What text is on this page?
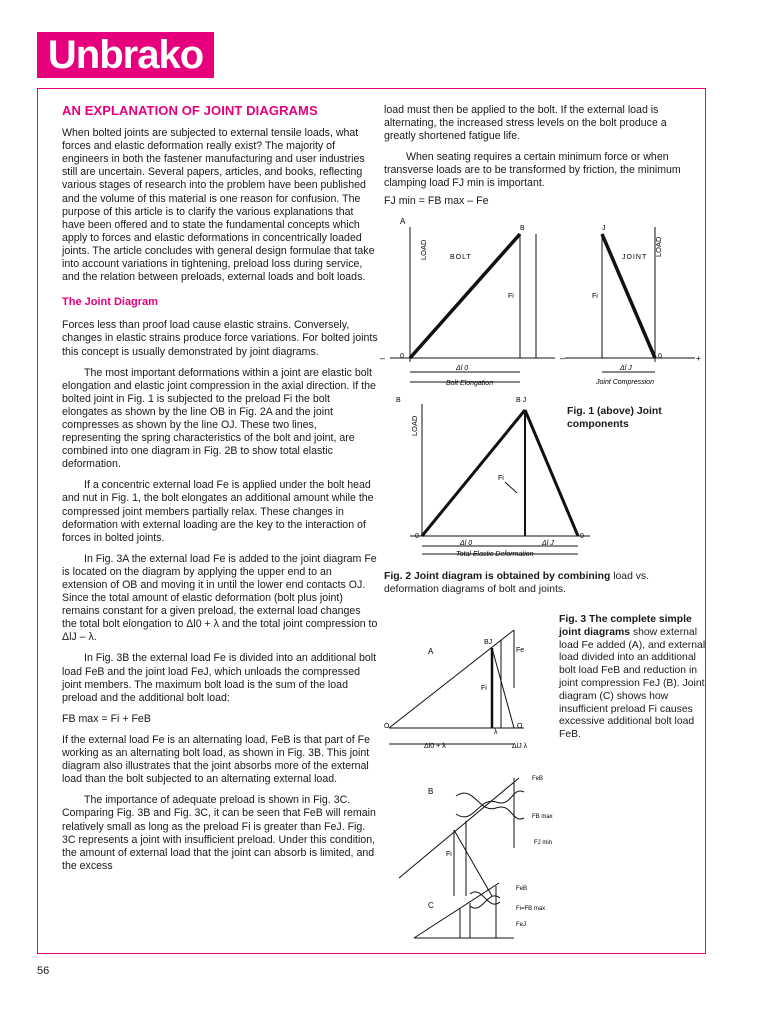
Unbrako
AN EXPLANATION OF JOINT DIAGRAMS

When bolted joints are subjected to external tensile loads, what forces and elastic deformation really exist? The majority of engineers in both the fastener manufacturing and user industries still are uncertain. Several papers, articles, and books, reflecting various stages of research into the problem have been published and the volume of this material is one reason for confusion. The purpose of this article is to clarify the various explanations that have been offered and to state the fundamental concepts which apply to forces and elastic deformations in concentrically loaded joints. The article concludes with general design formulae that take into account variations in tightening, preload loss during service, and the relation between preloads, external loads and bolt loads.

The Joint Diagram

Forces less than proof load cause elastic strains. Conversely, changes in elastic strains produce force variations. For bolted joints this concept is usually demonstrated by joint diagrams.

The most important deformations within a joint are elastic bolt elongation and elastic joint compression in the axial direction. If the bolted joint in Fig. 1 is subjected to the preload Fi the bolt elongates as shown by the line OB in Fig. 2A and the joint compresses as shown by the line OJ. These two lines, representing the spring characteristics of the bolt and joint, are combined into one diagram in Fig. 2B to show total elastic deformation.

If a concentric external load Fe is applied under the bolt head and nut in Fig. 1, the bolt elongates an additional amount while the compressed joint members partially relax. These changes in deformation with external loading are the key to the interaction of forces in bolted joints.

In Fig. 3A the external load Fe is added to the joint diagram Fe is located on the diagram by applying the upper end to an extension of OB and moving it in until the lower end contacts OJ. Since the total amount of elastic deformation (bolt plus joint) remains constant for a given preload, the external load changes the total bolt elongation to Δl0 + λ and the total joint compression to ΔlJ – λ.

In Fig. 3B the external load Fe is divided into an additional bolt load FeB and the joint load FeJ, which unloads the compressed joint members. The maximum bolt load is the sum of the load preload and the additional bolt load:

FB max = Fi + FeB

If the external load Fe is an alternating load, FeB is that part of Fe working as an alternating bolt load, as shown in Fig. 3B. This joint diagram also illustrates that the joint absorbs more of the external load than the bolt subjected to an alternating external load.

The importance of adequate preload is shown in Fig. 3C. Comparing Fig. 3B and Fig. 3C, it can be seen that FeB will remain relatively small as long as the preload Fi is greater than FeJ. Fig. 3C represents a joint with insufficient preload. Under this condition, the amount of external load that the joint can absorb is limited, and the excess

load must then be applied to the bolt. If the external load is alternating, the increased stress levels on the bolt produce a greatly shortened fatigue life.

When seating requires a certain minimum force or when transverse loads are to be transformed by friction, the minimum clamping load FJ min is important.

FJ min = FB max – Fe

A
B	J
0	0
LOAD	LOAD
BOLT	JOINT
Fi	Fi
Δl 0	Δl J
Bolt Elongation	Joint Compression
–	–	+
Fig. 1 (above) Joint components
B	B J
0	0
LOAD
Fi
Δl 0	Δl J
Total Elastic Deformation
Fig. 2 Joint diagram is obtained by combining load vs. deformation diagrams of bolt and joints.
A
BJ
Fe
Fi
O	O
λ
Δl0 + λ	ΔlJ λ
B
FeB
FB max
Fi
FJ min
C
FeB
Fi=FB max
FeJ
Fig. 3 The complete simple joint diagrams show external load Fe added (A), and external load divided into an additional bolt load FeB and reduction in joint compression FeJ (B). Joint diagram (C) shows how insufficient preload Fi causes excessive additional bolt load FeB.
56
